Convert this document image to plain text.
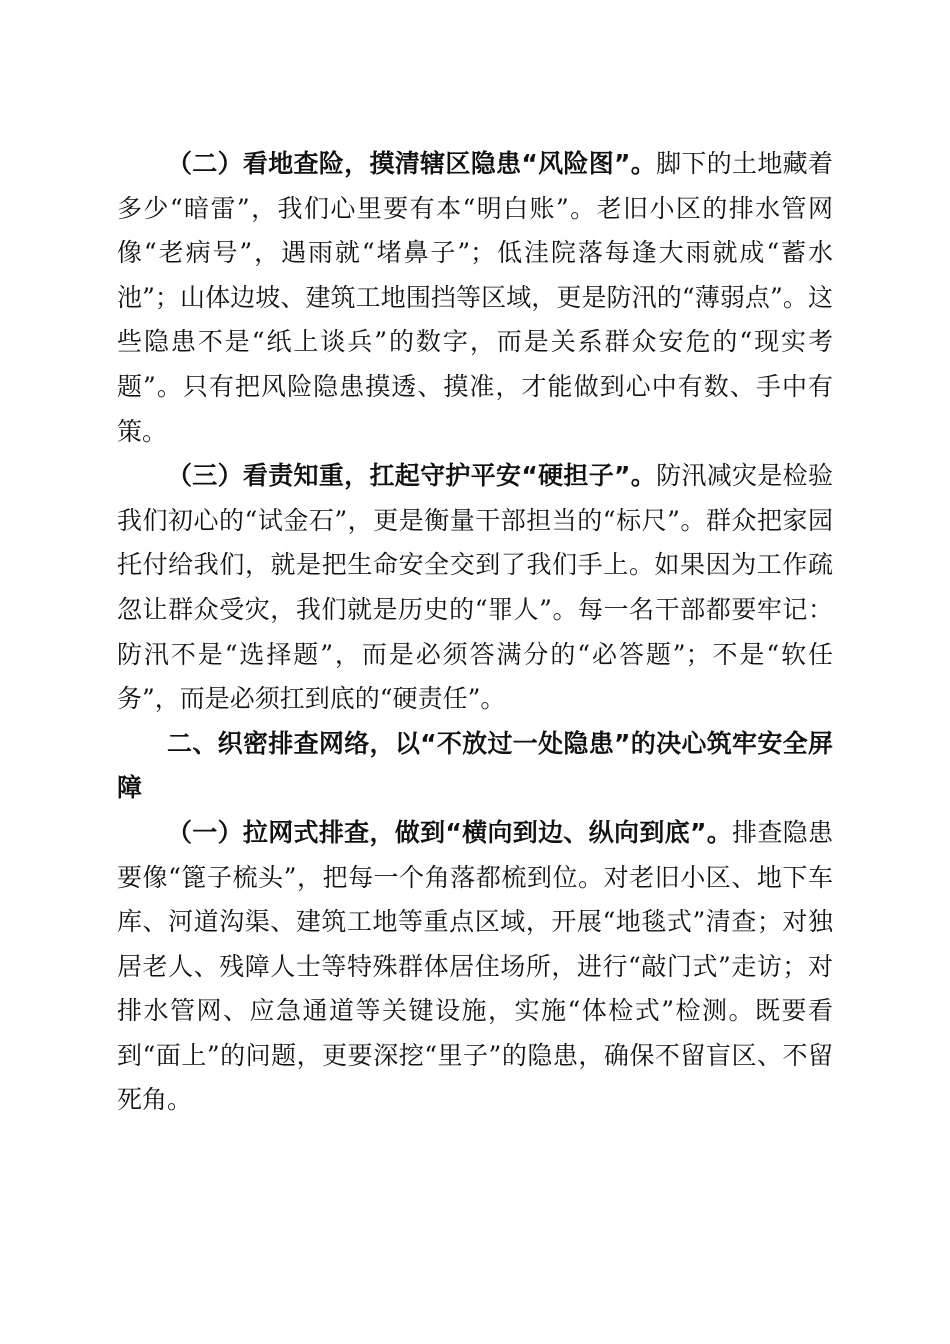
（二）看地查险，摸清辖区隐患“风险图”。脚下的土地藏着多少“暗雷”，我们心里要有本“明白账”。老旧小区的排水管网像“老病号”，遇雨就“堵鼻子”；低洼院落每逢大雨就成“蓄水池”；山体边坡、建筑工地围挡等区域，更是防汛的“薄弱点”。这些隐患不是“纸上谈兵”的数字，而是关系群众安危的“现实考题”。只有把风险隐患摸透、摸准，才能做到心中有数、手中有策。

（三）看责知重，扛起守护平安“硬担子”。防汛减灾是检验我们初心的“试金石”，更是衡量干部担当的“标尺”。群众把家园托付给我们，就是把生命安全交到了我们手上。如果因为工作疏忽让群众受灾，我们就是历史的“罪人”。每一名干部都要牢记：防汛不是“选择题”，而是必须答满分的“必答题”；不是“软任务”，而是必须扛到底的“硬责任”。

二、织密排查网络，以“不放过一处隐患”的决心筑牢安全屏障

（一）拉网式排查，做到“横向到边、纵向到底”。排查隐患要像“篦子梳头”，把每一个角落都梳到位。对老旧小区、地下车库、河道沟渠、建筑工地等重点区域，开展“地毯式”清查；对独居老人、残障人士等特殊群体居住场所，进行“敲门式”走访；对排水管网、应急通道等关键设施，实施“体检式”检测。既要看到“面上”的问题，更要深挖“里子”的隐患，确保不留盲区、不留死角。
